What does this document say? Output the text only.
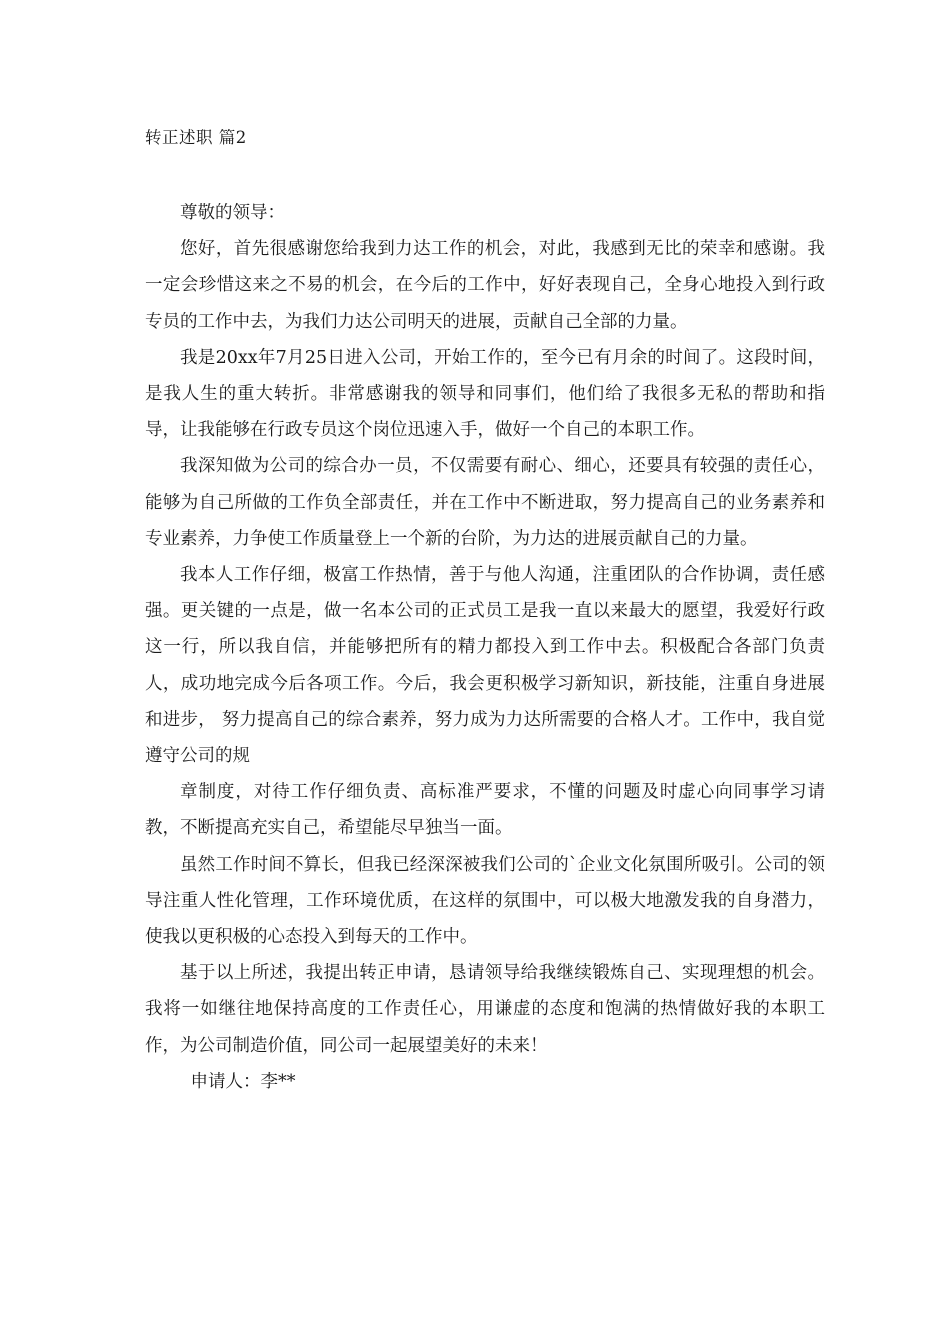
转正述职 篇2

尊敬的领导：

您好，首先很感谢您给我到力达工作的机会，对此，我感到无比的荣幸和感谢。我一定会珍惜这来之不易的机会，在今后的工作中，好好表现自己，全身心地投入到行政专员的工作中去，为我们力达公司明天的进展，贡献自己全部的力量。

我是20xx年7月25日进入公司，开始工作的，至今已有月余的时间了。这段时间，是我人生的重大转折。非常感谢我的领导和同事们，他们给了我很多无私的帮助和指导，让我能够在行政专员这个岗位迅速入手，做好一个自己的本职工作。

我深知做为公司的综合办一员，不仅需要有耐心、细心，还要具有较强的责任心，能够为自己所做的工作负全部责任，并在工作中不断进取，努力提高自己的业务素养和专业素养，力争使工作质量登上一个新的台阶，为力达的进展贡献自己的力量。

我本人工作仔细，极富工作热情，善于与他人沟通，注重团队的合作协调，责任感强。更关键的一点是，做一名本公司的正式员工是我一直以来最大的愿望，我爱好行政这一行，所以我自信，并能够把所有的精力都投入到工作中去。积极配合各部门负责人，成功地完成今后各项工作。今后，我会更积极学习新知识，新技能，注重自身进展和进步， 努力提高自己的综合素养，努力成为力达所需要的合格人才。工作中，我自觉遵守公司的规

章制度，对待工作仔细负责、高标准严要求，不懂的问题及时虚心向同事学习请教，不断提高充实自己，希望能尽早独当一面。

虽然工作时间不算长，但我已经深深被我们公司的`企业文化氛围所吸引。公司的领导注重人性化管理，工作环境优质，在这样的氛围中，可以极大地激发我的自身潜力，使我以更积极的心态投入到每天的工作中。

基于以上所述，我提出转正申请，恳请领导给我继续锻炼自己、实现理想的机会。我将一如继往地保持高度的工作责任心，用谦虚的态度和饱满的热情做好我的本职工作，为公司制造价值，同公司一起展望美好的未来！

申请人：李**
